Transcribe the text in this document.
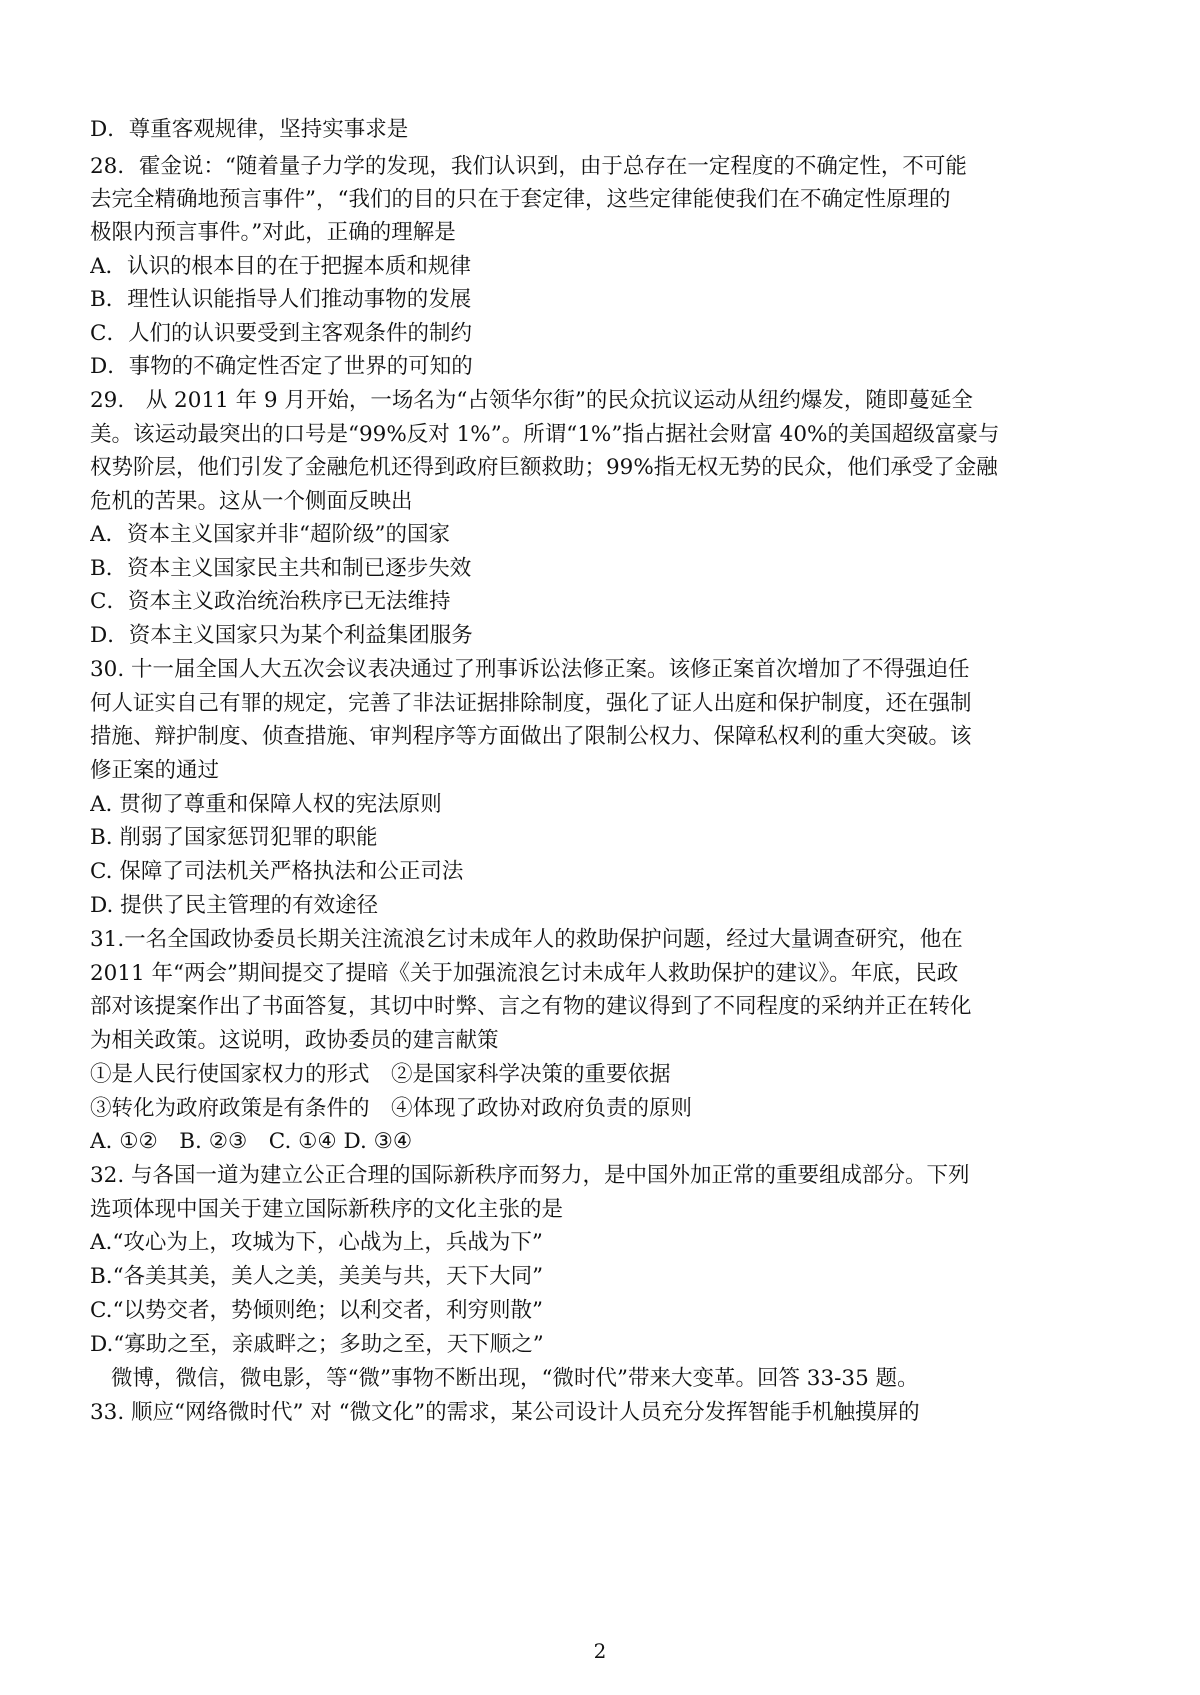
D．尊重客观规律，坚持实事求是
28．霍金说：“随着量子力学的发现，我们认识到，由于总存在一定程度的不确定性，不可能
去完全精确地预言事件”，“我们的目的只在于套定律，这些定律能使我们在不确定性原理的
极限内预言事件。”对此，正确的理解是
A．认识的根本目的在于把握本质和规律
B．理性认识能指导人们推动事物的发展
C．人们的认识要受到主客观条件的制约
D．事物的不确定性否定了世界的可知的
29.　从 2011 年 9 月开始，一场名为“占领华尔街”的民众抗议运动从纽约爆发，随即蔓延全
美。该运动最突出的口号是“99%反对 1%”。所谓“1%”指占据社会财富 40%的美国超级富豪与
权势阶层，他们引发了金融危机还得到政府巨额救助；99%指无权无势的民众，他们承受了金融
危机的苦果。这从一个侧面反映出
A．资本主义国家并非“超阶级”的国家
B．资本主义国家民主共和制已逐步失效
C．资本主义政治统治秩序已无法维持
D．资本主义国家只为某个利益集团服务
30. 十一届全国人大五次会议表决通过了刑事诉讼法修正案。该修正案首次增加了不得强迫任
何人证实自己有罪的规定，完善了非法证据排除制度，强化了证人出庭和保护制度，还在强制
措施、辩护制度、侦查措施、审判程序等方面做出了限制公权力、保障私权利的重大突破。该
修正案的通过
A. 贯彻了尊重和保障人权的宪法原则
B. 削弱了国家惩罚犯罪的职能
C. 保障了司法机关严格执法和公正司法
D. 提供了民主管理的有效途径
31.一名全国政协委员长期关注流浪乞讨未成年人的救助保护问题，经过大量调查研究，他在
2011 年“两会”期间提交了提暗《关于加强流浪乞讨未成年人救助保护的建议》。年底，民政
部对该提案作出了书面答复，其切中时弊、言之有物的建议得到了不同程度的采纳并正在转化
为相关政策。这说明，政协委员的建言献策
①是人民行使国家权力的形式　②是国家科学决策的重要依据
③转化为政府政策是有条件的　④体现了政协对政府负责的原则
A. ①②　B. ②③　C. ①④ D. ③④
32. 与各国一道为建立公正合理的国际新秩序而努力，是中国外加正常的重要组成部分。下列
选项体现中国关于建立国际新秩序的文化主张的是
A.“攻心为上，攻城为下，心战为上，兵战为下”
B.“各美其美，美人之美，美美与共，天下大同”
C.“以势交者，势倾则绝；以利交者，利穷则散”
D.“寡助之至，亲戚畔之；多助之至，天下顺之”
微博，微信，微电影，等“微”事物不断出现，“微时代”带来大变革。回答 33-35 题。
33. 顺应“网络微时代” 对 “微文化”的需求，某公司设计人员充分发挥智能手机触摸屏的
2
